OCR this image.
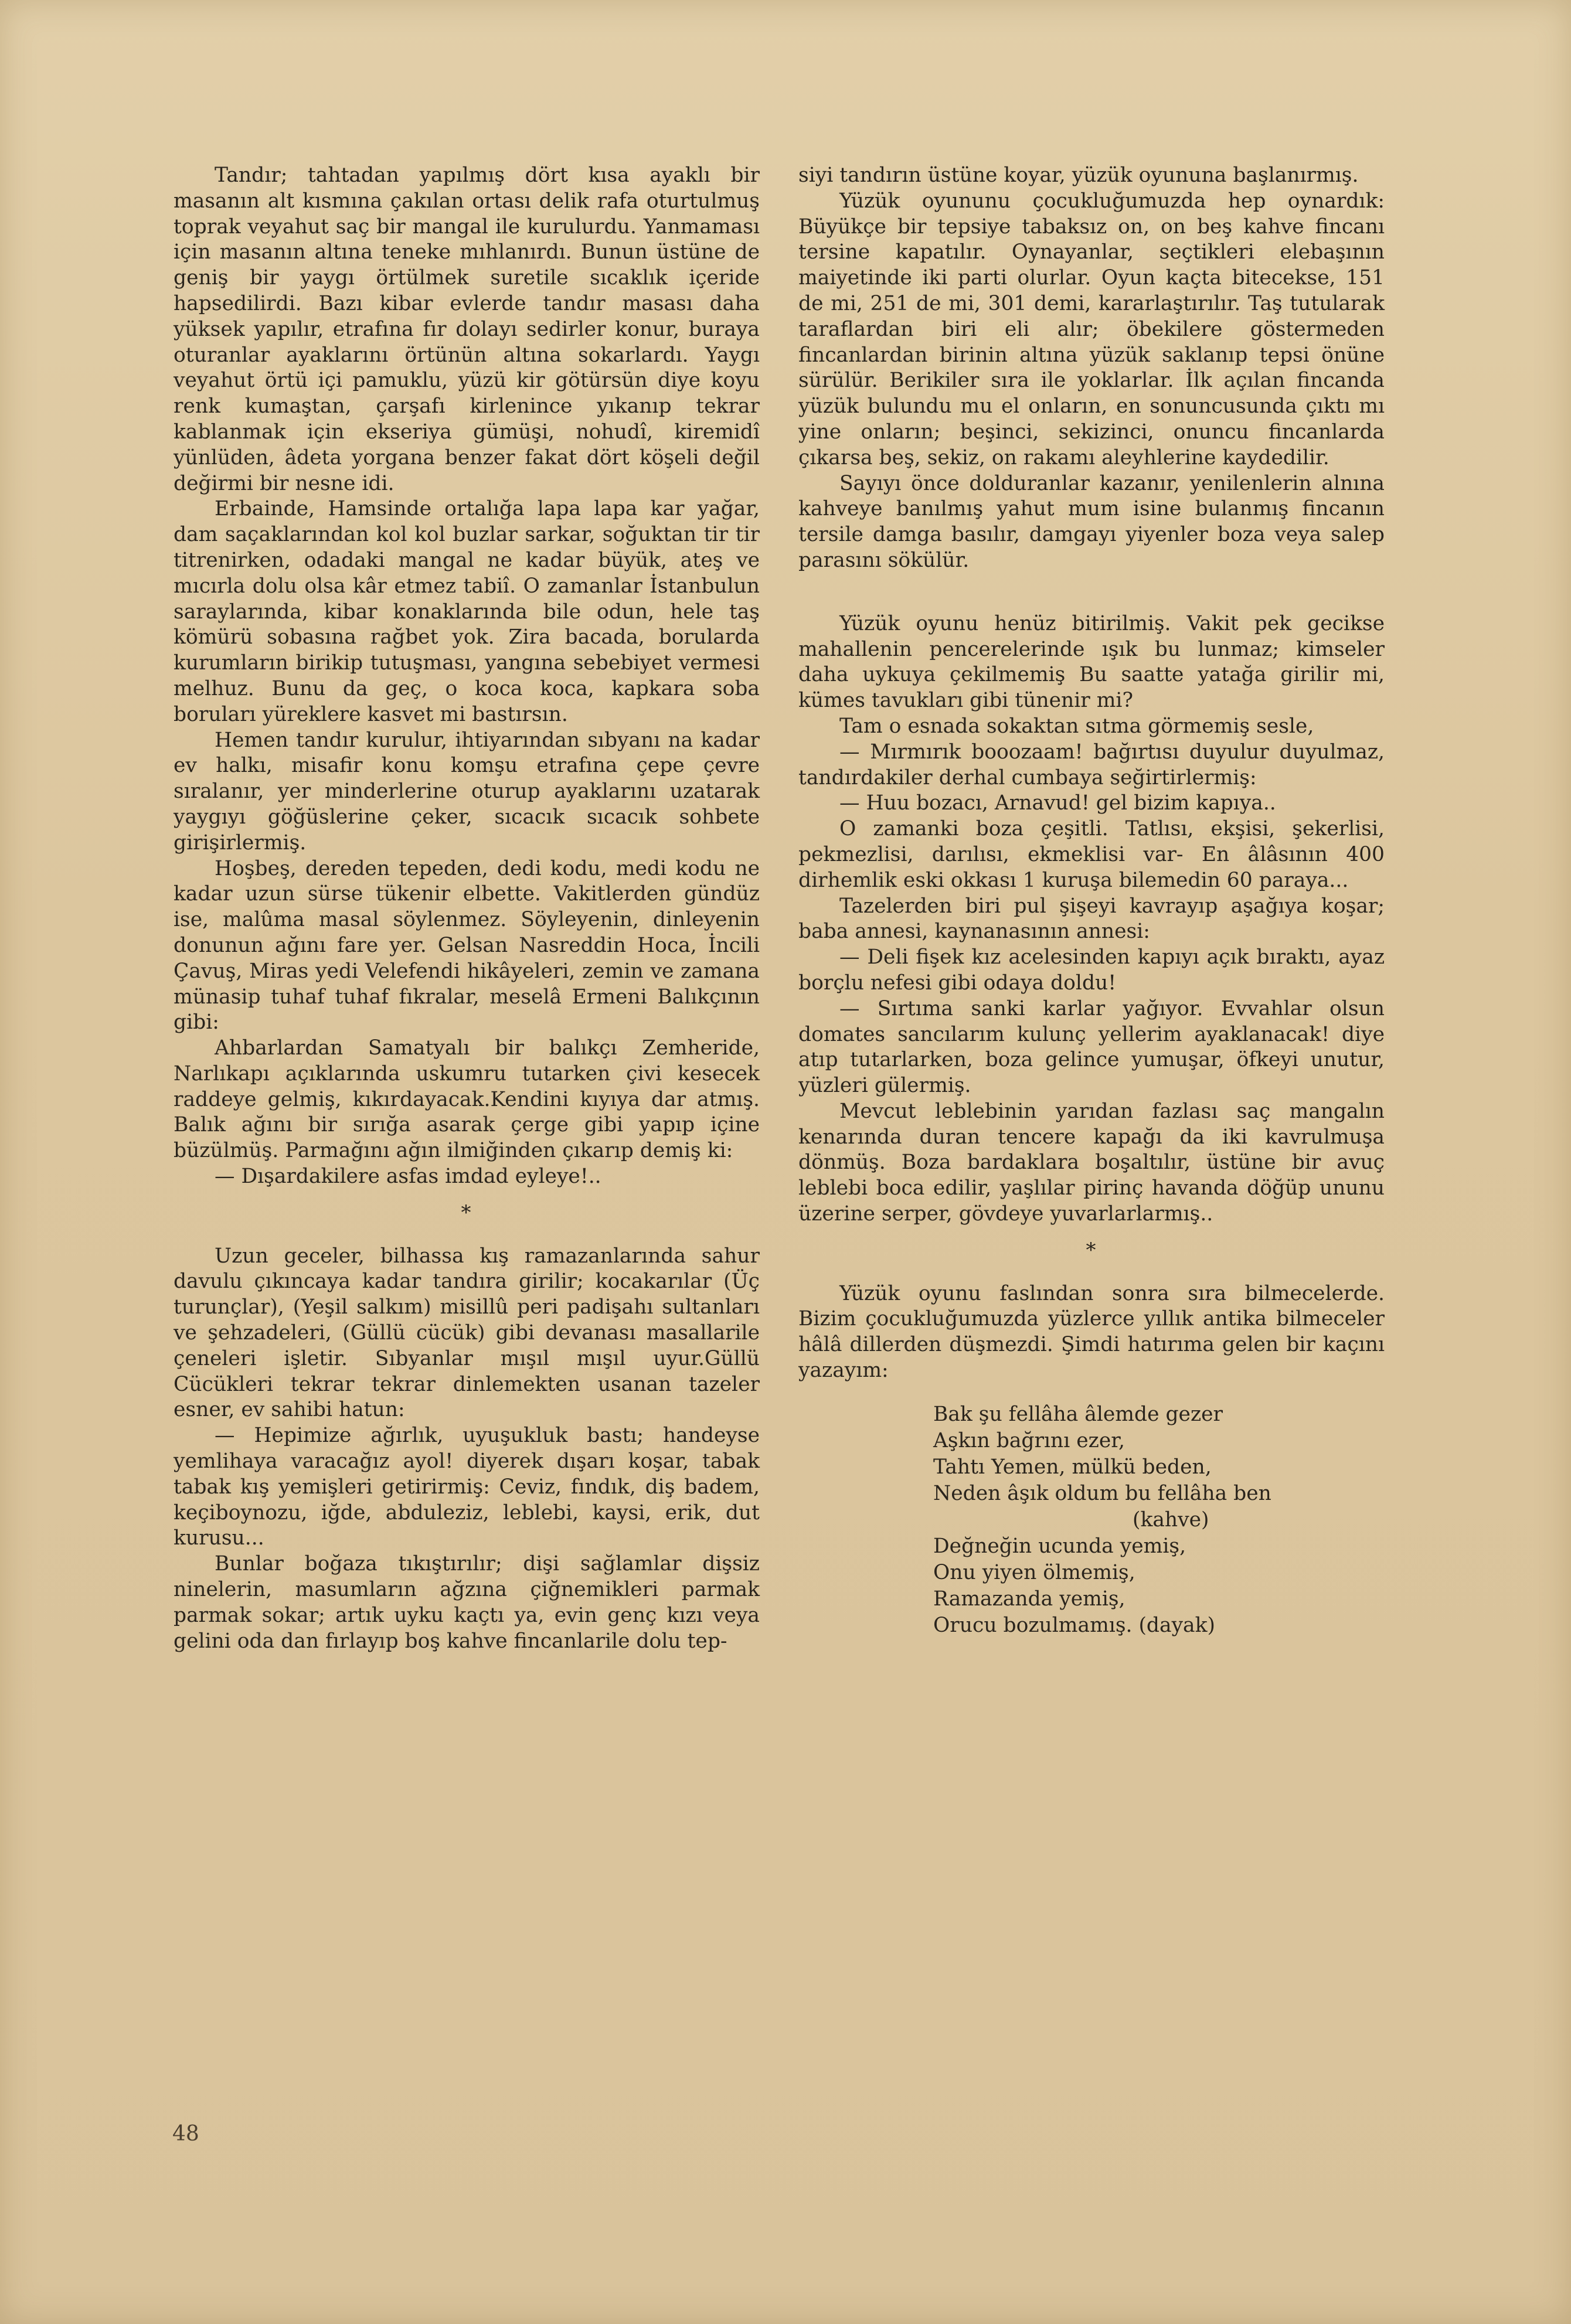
Tandır; tahtadan yapılmış dört kısa ayaklı bir masanın alt kısmına çakılan ortası delik rafa oturtulmuş toprak veyahut saç bir mangal ile kurulurdu. Yanmaması için masanın altına teneke mıhlanırdı. Bunun üstüne de geniş bir yaygı örtülmek suretile sıcaklık içeride hapsedilirdi. Bazı kibar evlerde tandır masası daha yüksek yapılır, etrafına fır dolayı sedirler konur, buraya oturanlar ayaklarını örtünün altına sokarlardı. Yaygı veyahut örtü içi pamuklu, yüzü kir götürsün diye koyu renk kumaştan, çarşafı kirlenince yıkanıp tekrar kablanmak için ekseriya gümüşi, nohudî, kiremidî yünlüden, âdeta yorgana benzer fakat dört köşeli değil değirmi bir nesne idi.

Erbainde, Hamsinde ortalığa lapa lapa kar yağar, dam saçaklarından kol kol buzlar sarkar, soğuktan tir tir titrenirken, odadaki mangal ne kadar büyük, ateş ve mıcırla dolu olsa kâr etmez tabiî. O zamanlar İstanbulun saraylarında, kibar konaklarında bile odun, hele taş kömürü sobasına rağbet yok. Zira bacada, borularda kurumların birikip tutuşması, yangına sebebiyet vermesi melhuz. Bunu da geç, o koca koca, kapkara soba boruları yüreklere kasvet mi bastırsın.

Hemen tandır kurulur, ihtiyarından sıbyanı na kadar ev halkı, misafir konu komşu etrafına çepe çevre sıralanır, yer minderlerine oturup ayaklarını uzatarak yaygıyı göğüslerine çeker, sıcacık sıcacık sohbete girişirlermiş.

Hoşbeş, dereden tepeden, dedi kodu, medi kodu ne kadar uzun sürse tükenir elbette. Vakitlerden gündüz ise, malûma masal söylenmez. Söyleyenin, dinleyenin donunun ağını fare yer. Gelsan Nasreddin Hoca, İncili Çavuş, Miras yedi Velefendi hikâyeleri, zemin ve zamana münasip tuhaf tuhaf fıkralar, meselâ Ermeni Balıkçının gibi:

Ahbarlardan Samatyalı bir balıkçı Zemheride, Narlıkapı açıklarında uskumru tutarken çivi kesecek raddeye gelmiş, kıkırdayacak.Kendini kıyıya dar atmış. Balık ağını bir sırığa asarak çerge gibi yapıp içine büzülmüş. Parmağını ağın ilmiğinden çıkarıp demiş ki:

— Dışardakilere asfas imdad eyleye!..

*

Uzun geceler, bilhassa kış ramazanlarında sahur davulu çıkıncaya kadar tandıra girilir; kocakarılar (Üç turunçlar), (Yeşil salkım) misillû peri padişahı sultanları ve şehzadeleri, (Güllü cücük) gibi devanası masallarile çeneleri işletir. Sıbyanlar mışıl mışıl uyur.Güllü Cücükleri tekrar tekrar dinlemekten usanan tazeler esner, ev sahibi hatun:

— Hepimize ağırlık, uyuşukluk bastı; handeyse yemlihaya varacağız ayol! diyerek dışarı koşar, tabak tabak kış yemişleri getirirmiş: Ceviz, fındık, diş badem, keçiboynozu, iğde, abduleziz, leblebi, kaysi, erik, dut kurusu...

Bunlar boğaza tıkıştırılır; dişi sağlamlar dişsiz ninelerin, masumların ağzına çiğnemikleri parmak parmak sokar; artık uyku kaçtı ya, evin genç kızı veya gelini oda dan fırlayıp boş kahve fincanlarile dolu tep-

siyi tandırın üstüne koyar, yüzük oyununa başlanırmış.

Yüzük oyununu çocukluğumuzda hep oynardık: Büyükçe bir tepsiye tabaksız on, on beş kahve fincanı tersine kapatılır. Oynayanlar, seçtikleri elebaşının maiyetinde iki parti olurlar. Oyun kaçta bitecekse, 151 de mi, 251 de mi, 301 demi, kararlaştırılır. Taş tutularak taraflardan biri eli alır; öbekilere göstermeden fincanlardan birinin altına yüzük saklanıp tepsi önüne sürülür. Berikiler sıra ile yoklarlar. İlk açılan fincanda yüzük bulundu mu el onların, en sonuncusunda çıktı mı yine onların; beşinci, sekizinci, onuncu fincanlarda çıkarsa beş, sekiz, on rakamı aleyhlerine kaydedilir.

Sayıyı önce dolduranlar kazanır, yenilenlerin alnına kahveye banılmış yahut mum isine bulanmış fincanın tersile damga basılır, damgayı yiyenler boza veya salep parasını sökülür.

Yüzük oyunu henüz bitirilmiş. Vakit pek gecikse mahallenin pencerelerinde ışık bu lunmaz; kimseler daha uykuya çekilmemiş Bu saatte yatağa girilir mi, kümes tavukları gibi tünenir mi?

Tam o esnada sokaktan sıtma görmemiş sesle,

— Mırmırık booozaam! bağırtısı duyulur duyulmaz, tandırdakiler derhal cumbaya seğirtirlermiş:

— Huu bozacı, Arnavud! gel bizim kapıya..

O zamanki boza çeşitli. Tatlısı, ekşisi, şekerlisi, pekmezlisi, darılısı, ekmeklisi var- En âlâsının 400 dirhemlik eski okkası 1 kuruşa bilemedin 60 paraya...

Tazelerden biri pul şişeyi kavrayıp aşağıya koşar; baba annesi, kaynanasının annesi:

— Deli fişek kız acelesinden kapıyı açık bıraktı, ayaz borçlu nefesi gibi odaya doldu!

— Sırtıma sanki karlar yağıyor. Evvahlar olsun domates sancılarım kulunç yellerim ayaklanacak! diye atıp tutarlarken, boza gelince yumuşar, öfkeyi unutur, yüzleri gülermiş.

Mevcut leblebinin yarıdan fazlası saç mangalın kenarında duran tencere kapağı da iki kavrulmuşa dönmüş. Boza bardaklara boşaltılır, üstüne bir avuç leblebi boca edilir, yaşlılar pirinç havanda döğüp ununu üzerine serper, gövdeye yuvarlarlarmış..

*

Yüzük oyunu faslından sonra sıra bilmecelerde. Bizim çocukluğumuzda yüzlerce yıllık antika bilmeceler hâlâ dillerden düşmezdi. Şimdi hatırıma gelen bir kaçını yazayım:

Bak şu fellâha âlemde gezer
Aşkın bağrını ezer,
Tahtı Yemen, mülkü beden,
Neden âşık oldum bu fellâha ben
(kahve)
Değneğin ucunda yemiş,
Onu yiyen ölmemiş,
Ramazanda yemiş,
Orucu bozulmamış. (dayak)
48
